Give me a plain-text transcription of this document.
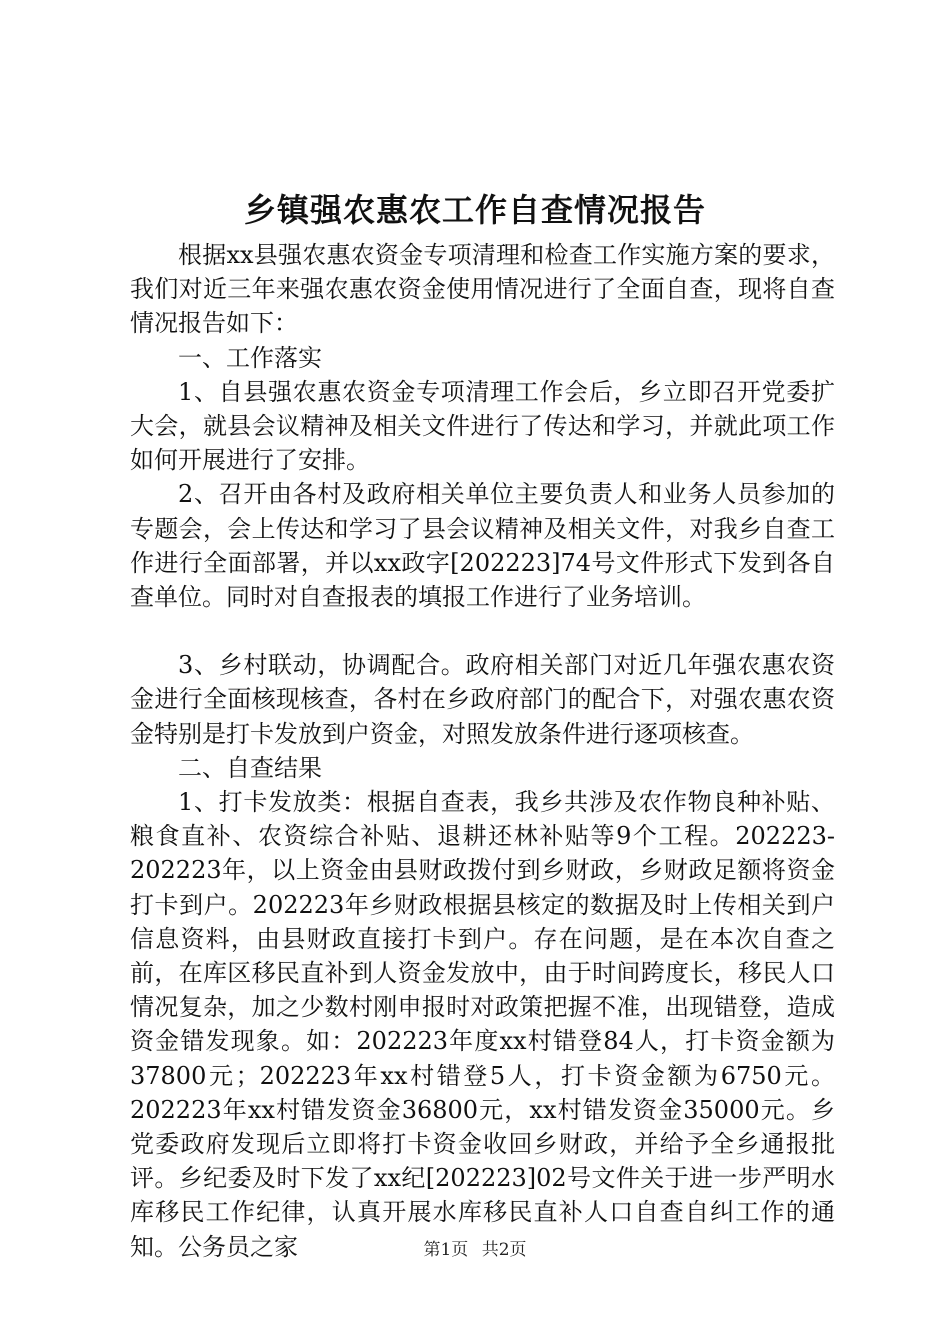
乡镇强农惠农工作自查情况报告

根据xx县强农惠农资金专项清理和检查工作实施方案的要求，我们对近三年来强农惠农资金使用情况进行了全面自查，现将自查情况报告如下：

一、工作落实

1、自县强农惠农资金专项清理工作会后，乡立即召开党委扩大会，就县会议精神及相关文件进行了传达和学习，并就此项工作如何开展进行了安排。

2、召开由各村及政府相关单位主要负责人和业务人员参加的专题会，会上传达和学习了县会议精神及相关文件，对我乡自查工作进行全面部署，并以xx政字[202223]74号文件形式下发到各自查单位。同时对自查报表的填报工作进行了业务培训。

3、乡村联动，协调配合。政府相关部门对近几年强农惠农资金进行全面核现核查，各村在乡政府部门的配合下，对强农惠农资金特别是打卡发放到户资金，对照发放条件进行逐项核查。

二、自查结果

1、打卡发放类：根据自查表，我乡共涉及农作物良种补贴、粮食直补、农资综合补贴、退耕还林补贴等9个工程。202223-202223年，以上资金由县财政拨付到乡财政，乡财政足额将资金打卡到户。202223年乡财政根据县核定的数据及时上传相关到户信息资料，由县财政直接打卡到户。存在问题，是在本次自查之前，在库区移民直补到人资金发放中，由于时间跨度长，移民人口情况复杂，加之少数村刚申报时对政策把握不准，出现错登，造成资金错发现象。如：202223年度xx村错登84人，打卡资金额为37800元；202223年xx村错登5人，打卡资金额为6750元。202223年xx村错发资金36800元，xx村错发资金35000元。乡党委政府发现后立即将打卡资金收回乡财政，并给予全乡通报批评。乡纪委及时下发了xx纪[202223]02号文件关于进一步严明水库移民工作纪律，认真开展水库移民直补人口自查自纠工作的通知。公务员之家	第1页 共2页
